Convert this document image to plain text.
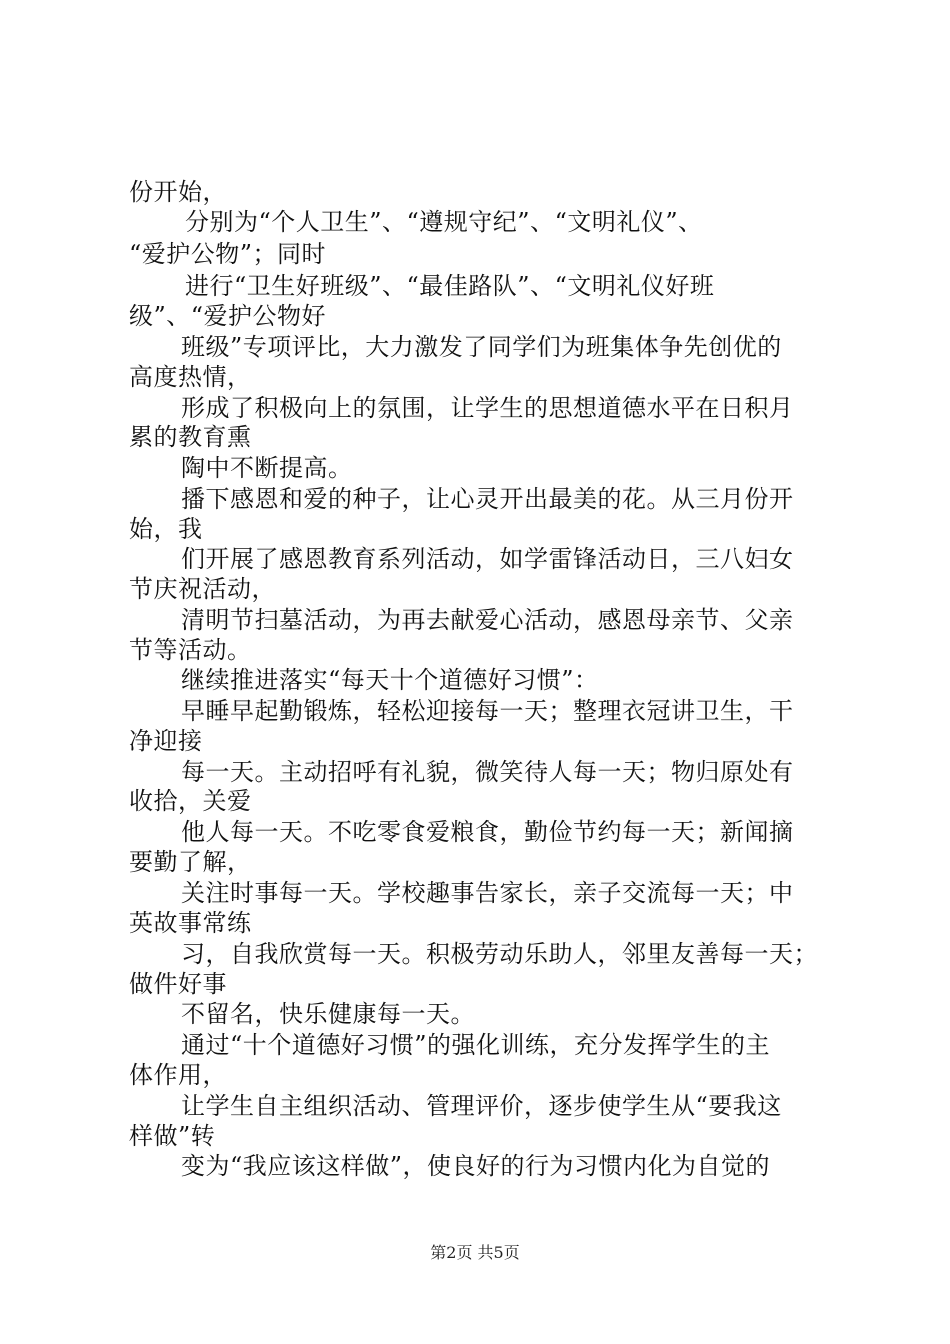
份开始，
分别为“个人卫生”、“遵规守纪”、“文明礼仪”、
“爱护公物”；同时
进行“卫生好班级”、“最佳路队”、“文明礼仪好班
级”、“爱护公物好
班级”专项评比，大力激发了同学们为班集体争先创优的
高度热情，
形成了积极向上的氛围，让学生的思想道德水平在日积月
累的教育熏
陶中不断提高。
播下感恩和爱的种子，让心灵开出最美的花。从三月份开
始，我
们开展了感恩教育系列活动，如学雷锋活动日，三八妇女
节庆祝活动，
清明节扫墓活动，为再去献爱心活动，感恩母亲节、父亲
节等活动。
继续推进落实“每天十个道德好习惯”：
早睡早起勤锻炼，轻松迎接每一天；整理衣冠讲卫生，干
净迎接
每一天。主动招呼有礼貌，微笑待人每一天；物归原处有
收拾，关爱
他人每一天。不吃零食爱粮食，勤俭节约每一天；新闻摘
要勤了解，
关注时事每一天。学校趣事告家长，亲子交流每一天；中
英故事常练
习，自我欣赏每一天。积极劳动乐助人，邻里友善每一天；
做件好事
不留名，快乐健康每一天。
通过“十个道德好习惯”的强化训练，充分发挥学生的主
体作用，
让学生自主组织活动、管理评价，逐步使学生从“要我这
样做”转
变为“我应该这样做”，使良好的行为习惯内化为自觉的
第2页 共5页
